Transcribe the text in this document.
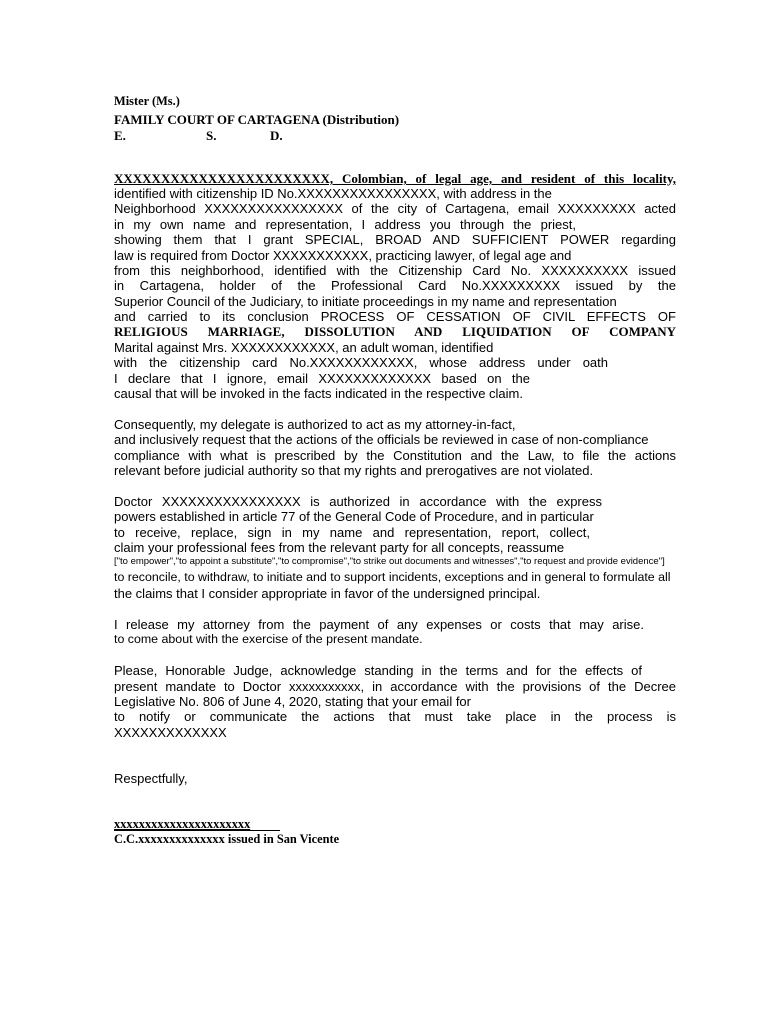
Mister (Ms.)
FAMILY COURT OF CARTAGENA (Distribution)
E.	S.	D.
XXXXXXXXXXXXXXXXXXXXXXX, Colombian, of legal age, and resident of this locality,
identified with citizenship ID No.XXXXXXXXXXXXXXXX, with address in the
Neighborhood XXXXXXXXXXXXXXXX of the city of Cartagena, email XXXXXXXXX acted
in my own name and representation, I address you through the priest,
showing them that I grant SPECIAL, BROAD AND SUFFICIENT POWER regarding
law is required from Doctor XXXXXXXXXXX, practicing lawyer, of legal age and
from this neighborhood, identified with the Citizenship Card No. XXXXXXXXXX issued
in Cartagena, holder of the Professional Card No.XXXXXXXXX issued by the
Superior Council of the Judiciary, to initiate proceedings in my name and representation
and carried to its conclusion PROCESS OF CESSATION OF CIVIL EFFECTS OF
RELIGIOUS MARRIAGE, DISSOLUTION AND LIQUIDATION OF COMPANY
Marital against Mrs. XXXXXXXXXXXX, an adult woman, identified
with the citizenship card No.XXXXXXXXXXXX, whose address under oath
I declare that I ignore, email XXXXXXXXXXXXX based on the
causal that will be invoked in the facts indicated in the respective claim.
Consequently, my delegate is authorized to act as my attorney-in-fact,
and inclusively request that the actions of the officials be reviewed in case of non-compliance
compliance with what is prescribed by the Constitution and the Law, to file the actions
relevant before judicial authority so that my rights and prerogatives are not violated.
Doctor XXXXXXXXXXXXXXXX is authorized in accordance with the express
powers established in article 77 of the General Code of Procedure, and in particular
to receive, replace, sign in my name and representation, report, collect,
claim your professional fees from the relevant party for all concepts, reassume
["to empower","to appoint a substitute","to compromise","to strike out documents and witnesses","to request and provide evidence"]
to reconcile, to withdraw, to initiate and to support incidents, exceptions and in general to formulate all
the claims that I consider appropriate in favor of the undersigned principal.
I release my attorney from the payment of any expenses or costs that may arise.
to come about with the exercise of the present mandate.
Please, Honorable Judge, acknowledge standing in the terms and for the effects of
present mandate to Doctor xxxxxxxxxxx, in accordance with the provisions of the Decree
Legislative No. 806 of June 4, 2020, stating that your email for
to notify or communicate the actions that must take place in the process is
XXXXXXXXXXXXX
Respectfully,
xxxxxxxxxxxxxxxxxxxxxx
C.C.xxxxxxxxxxxxxx issued in San Vicente
